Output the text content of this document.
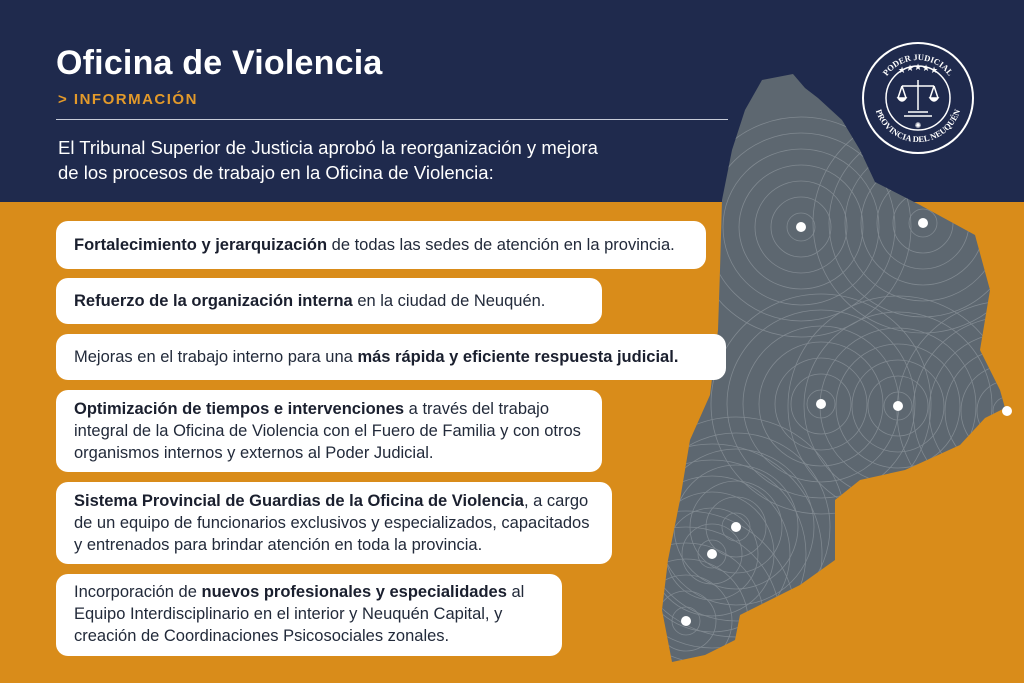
Oficina de Violencia
> INFORMACIÓN
El Tribunal Superior de Justicia aprobó la reorganización y mejora de los procesos de trabajo en la Oficina de Violencia:
PODER JUDICIAL
PROVINCIA DEL NEUQUÉN
★ ★ ★ ★ ★
✺
Fortalecimiento y jerarquización de todas las sedes de atención en la provincia.
Refuerzo de la organización interna en la ciudad de Neuquén.
Mejoras en el trabajo interno para una más rápida y eficiente respuesta judicial.
Optimización de tiempos e intervenciones a través del trabajo integral de la Oficina de Violencia con el Fuero de Familia y con otros organismos internos y externos al Poder Judicial.
Sistema Provincial de Guardias de la Oficina de Violencia, a cargo de un equipo de funcionarios exclusivos y especializados, capacitados y entrenados para brindar atención en toda la provincia.
Incorporación de nuevos profesionales y especialidades al Equipo Interdisciplinario en el interior y Neuquén Capital, y creación de Coordinaciones Psicosociales zonales.
